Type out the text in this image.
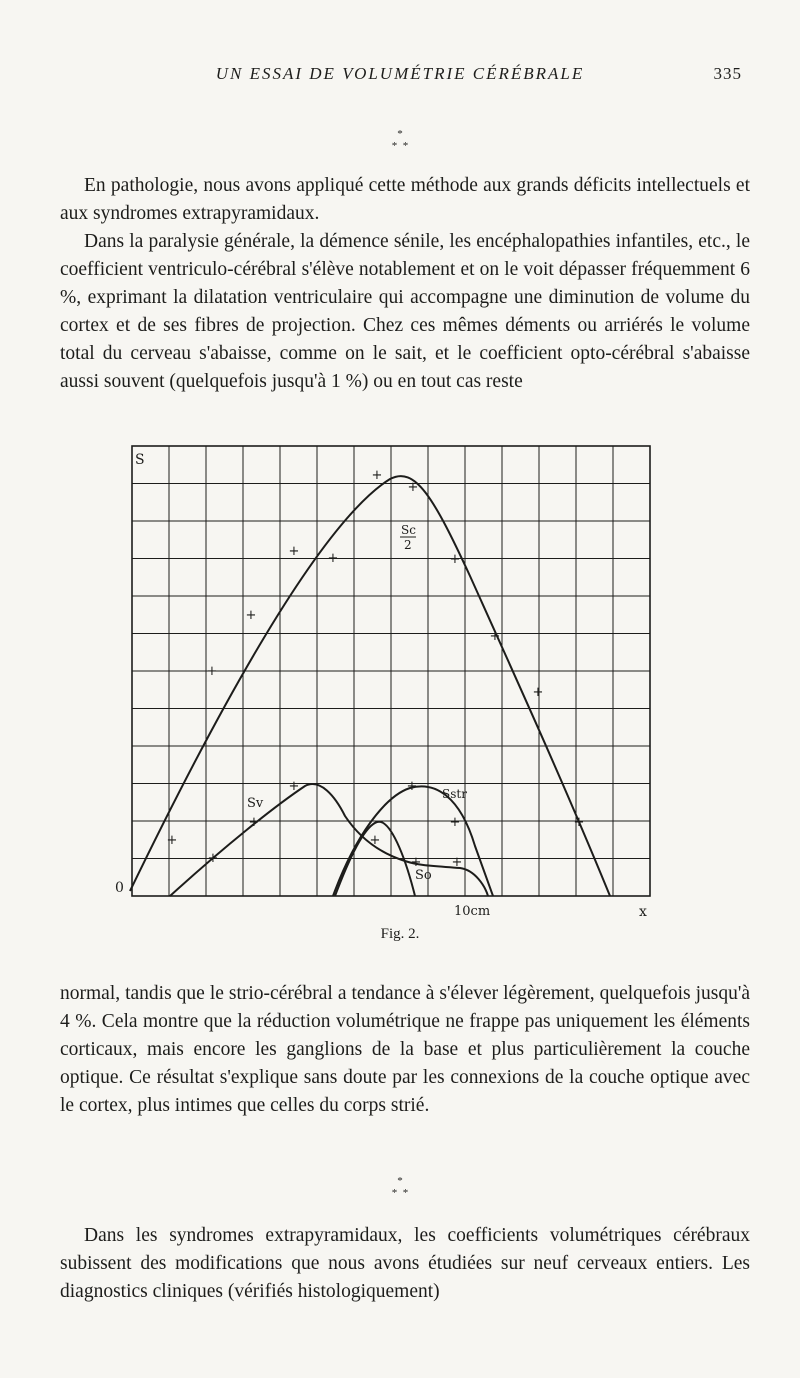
UN ESSAI DE VOLUMÉTRIE CÉRÉBRALE	335
*
*  *

En pathologie, nous avons appliqué cette méthode aux grands déficits intellectuels et aux syndromes extrapyramidaux.

Dans la paralysie générale, la démence sénile, les encéphalopathies infantiles, etc., le coefficient ventriculo-cérébral s'élève notablement et on le voit dépasser fréquemment 6 %, exprimant la dilatation ventriculaire qui accompagne une diminution de volume du cortex et de ses fibres de projection. Chez ces mêmes déments ou arriérés le volume total du cerveau s'abaisse, comme on le sait, et le coefficient opto-cérébral s'abaisse aussi souvent (quelquefois jusqu'à 1 %) ou en tout cas reste

+
+
+ +	+
+
+
+
+
+	+
+	+	+
+	+
+	+ +
S
0
x
10cm
Sc
2
Sv
Sstr
So
Fig. 2.

normal, tandis que le strio-cérébral a tendance à s'élever légèrement, quelquefois jusqu'à 4 %. Cela montre que la réduction volumétrique ne frappe pas uniquement les éléments corticaux, mais encore les ganglions de la base et plus particulièrement la couche optique. Ce résultat s'explique sans doute par les connexions de la couche optique avec le cortex, plus intimes que celles du corps strié.

*
*  *

Dans les syndromes extrapyramidaux, les coefficients volumétriques cérébraux subissent des modifications que nous avons étudiées sur neuf cerveaux entiers. Les diagnostics cliniques (vérifiés histologiquement)
